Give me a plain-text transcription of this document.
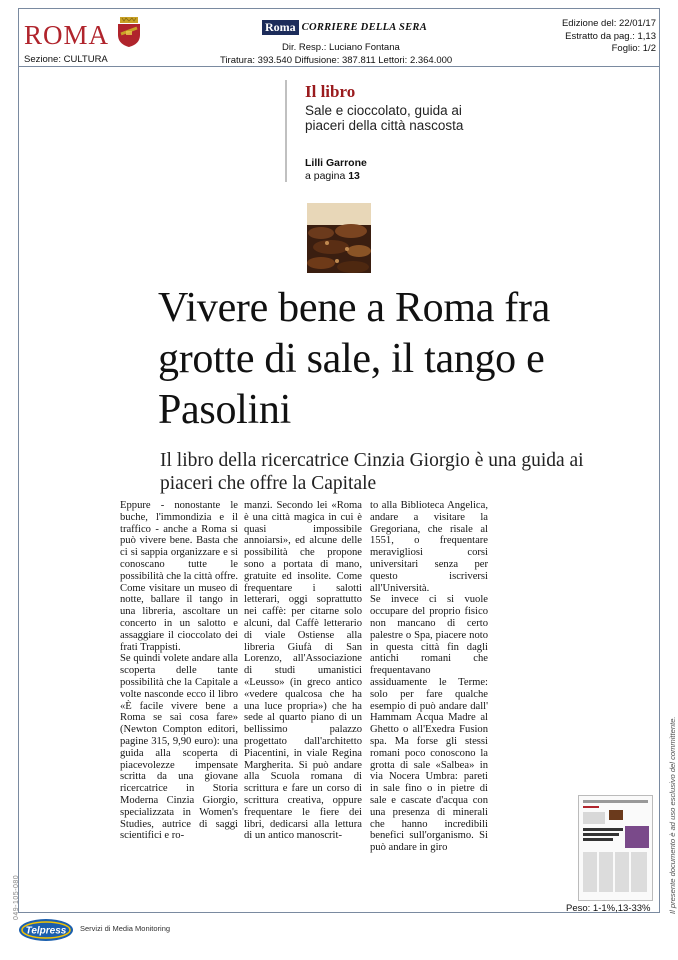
ROMA
Sezione: CULTURA
Roma CORRIERE DELLA SERA
Dir. Resp.: Luciano Fontana
Tiratura: 393.540 Diffusione: 387.811 Lettori: 2.364.000
Edizione del: 22/01/17
Estratto da pag.: 1,13
Foglio: 1/2
Il libro
Sale e cioccolato, guida ai piaceri della città nascosta
Lilli Garrone
a pagina 13
Vivere bene a Roma fra grotte di sale, il tango e Pasolini
Il libro della ricercatrice Cinzia Giorgio è una guida ai piaceri che offre la Capitale
Eppure - nonostante le buche, l'immondizia e il traffico - anche a Roma si può vivere bene. Basta che ci si sappia organizzare e si conoscano tutte le possibilità che la città offre. Come visitare un museo di notte, ballare il tango in una libreria, ascoltare un concerto in un salotto e assaggiare il cioccolato dei frati Trappisti.
Se quindi volete andare alla scoperta delle tante possibilità che la Capitale a volte nasconde ecco il libro «È facile vivere bene a Roma se sai cosa fare» (Newton Compton editori, pagine 315, 9,90 euro): una guida alla scoperta di piacevolezze impensate scritta da una giovane ricercatrice in Storia Moderna Cinzia Giorgio, specializzata in Women's Studies, autrice di saggi scientifici e ro-
manzi. Secondo lei «Roma è una città magica in cui è quasi impossibile annoiarsi», ed alcune delle possibilità che propone sono a portata di mano, gratuite ed insolite. Come frequentare i salotti letterari, oggi soprattutto nei caffè: per citarne solo alcuni, dal Caffè letterario di viale Ostiense alla libreria Giufà di San Lorenzo, all'Associazione di studi umanistici «Leusso» (in greco antico «vedere qualcosa che ha una luce propria») che ha sede al quarto piano di un bellissimo palazzo progettato dall'architetto Piacentini, in viale Regina Margherita. Si può andare alla Scuola romana di scrittura e fare un corso di scrittura creativa, oppure frequentare le fiere dei libri, dedicarsi alla lettura di un antico manoscrit-
to alla Biblioteca Angelica, andare a visitare la Gregoriana, che risale al 1551, o frequentare meravigliosi corsi universitari senza per questo iscriversi all'Università.
Se invece ci si vuole occupare del proprio fisico non mancano di certo palestre o Spa, piacere noto in questa città fin dagli antichi romani che frequentavano assiduamente le Terme: solo per fare qualche esempio di può andare dall' Hammam Acqua Madre al Ghetto o all'Exedra Fusion spa. Ma forse gli stessi romani poco conoscono la grotta di sale «Salbea» in via Nocera Umbra: pareti in sale fino o in pietre di sale e cascate d'acqua con una presenza di minerali che hanno incredibili benefici sull'organismo. Si può andare in giro	Il presente documento è ad uso esclusivo del committente.
049-105-080	Peso: 1-1%,13-33%
Telpress Servizi di Media Monitoring
